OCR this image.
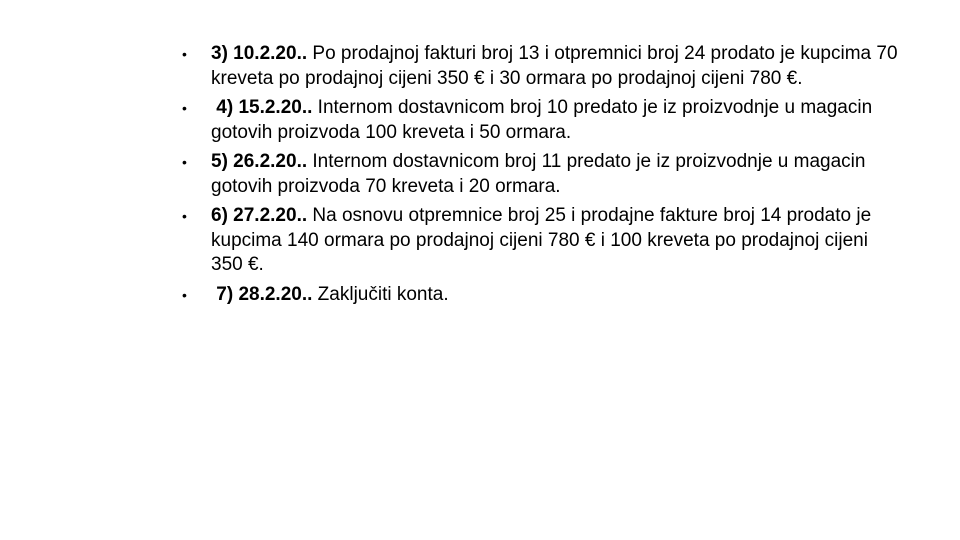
• 3) 10.2.20.. Po prodajnoj fakturi broj 13 i otpremnici broj 24 prodato je kupcima 70 kreveta po prodajnoj cijeni 350 € i 30 ormara po prodajnoj cijeni 780 €.
• 4) 15.2.20.. Internom dostavnicom broj 10 predato je iz proizvodnje u magacin gotovih proizvoda 100 kreveta i 50 ormara.
• 5) 26.2.20.. Internom dostavnicom broj 11 predato je iz proizvodnje u magacin gotovih proizvoda 70 kreveta i 20 ormara.
• 6) 27.2.20.. Na osnovu otpremnice broj 25 i prodajne fakture broj 14 prodato je kupcima 140 ormara po prodajnoj cijeni 780 € i 100 kreveta po prodajnoj cijeni 350 €.
• 7) 28.2.20.. Zaključiti konta.
